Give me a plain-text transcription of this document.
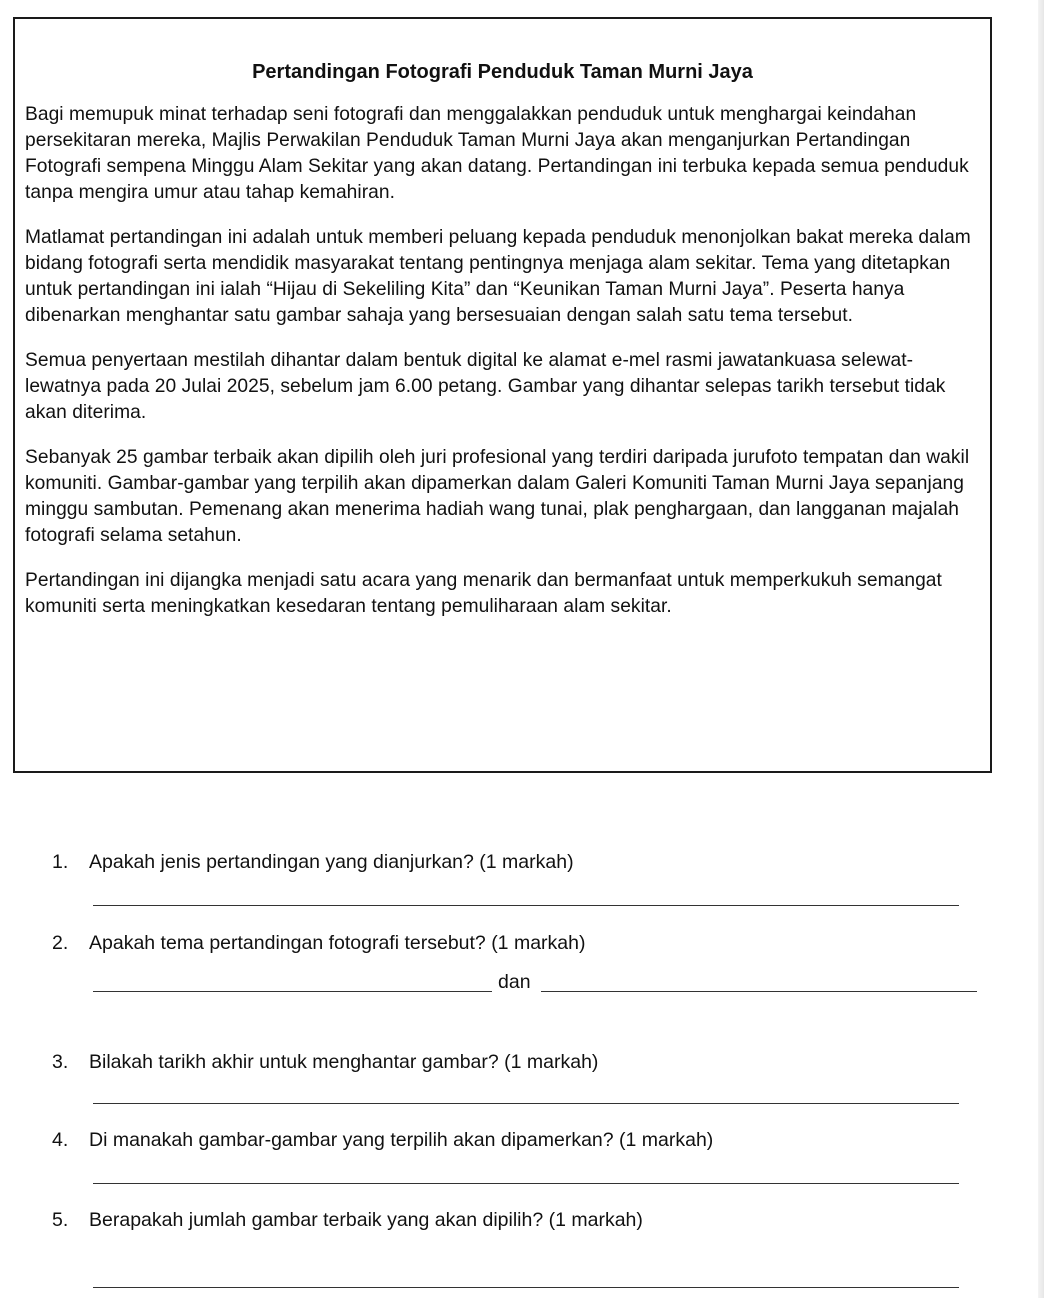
Pertandingan Fotografi Penduduk Taman Murni Jaya

Bagi memupuk minat terhadap seni fotografi dan menggalakkan penduduk untuk menghargai keindahan persekitaran mereka, Majlis Perwakilan Penduduk Taman Murni Jaya akan menganjurkan Pertandingan Fotografi sempena Minggu Alam Sekitar yang akan datang. Pertandingan ini terbuka kepada semua penduduk tanpa mengira umur atau tahap kemahiran.

Matlamat pertandingan ini adalah untuk memberi peluang kepada penduduk menonjolkan bakat mereka dalam bidang fotografi serta mendidik masyarakat tentang pentingnya menjaga alam sekitar. Tema yang ditetapkan untuk pertandingan ini ialah “Hijau di Sekeliling Kita” dan “Keunikan Taman Murni Jaya”. Peserta hanya dibenarkan menghantar satu gambar sahaja yang bersesuaian dengan salah satu tema tersebut.

Semua penyertaan mestilah dihantar dalam bentuk digital ke alamat e-mel rasmi jawatankuasa selewat-lewatnya pada 20 Julai 2025, sebelum jam 6.00 petang. Gambar yang dihantar selepas tarikh tersebut tidak akan diterima.

Sebanyak 25 gambar terbaik akan dipilih oleh juri profesional yang terdiri daripada jurufoto tempatan dan wakil komuniti. Gambar-gambar yang terpilih akan dipamerkan dalam Galeri Komuniti Taman Murni Jaya sepanjang minggu sambutan. Pemenang akan menerima hadiah wang tunai, plak penghargaan, dan langganan majalah fotografi selama setahun.

Pertandingan ini dijangka menjadi satu acara yang menarik dan bermanfaat untuk memperkukuh semangat komuniti serta meningkatkan kesedaran tentang pemuliharaan alam sekitar.

1. Apakah jenis pertandingan yang dianjurkan? (1 markah)
2. Apakah tema pertandingan fotografi tersebut? (1 markah)
dan
3. Bilakah tarikh akhir untuk menghantar gambar? (1 markah)
4. Di manakah gambar-gambar yang terpilih akan dipamerkan? (1 markah)
5. Berapakah jumlah gambar terbaik yang akan dipilih? (1 markah)
